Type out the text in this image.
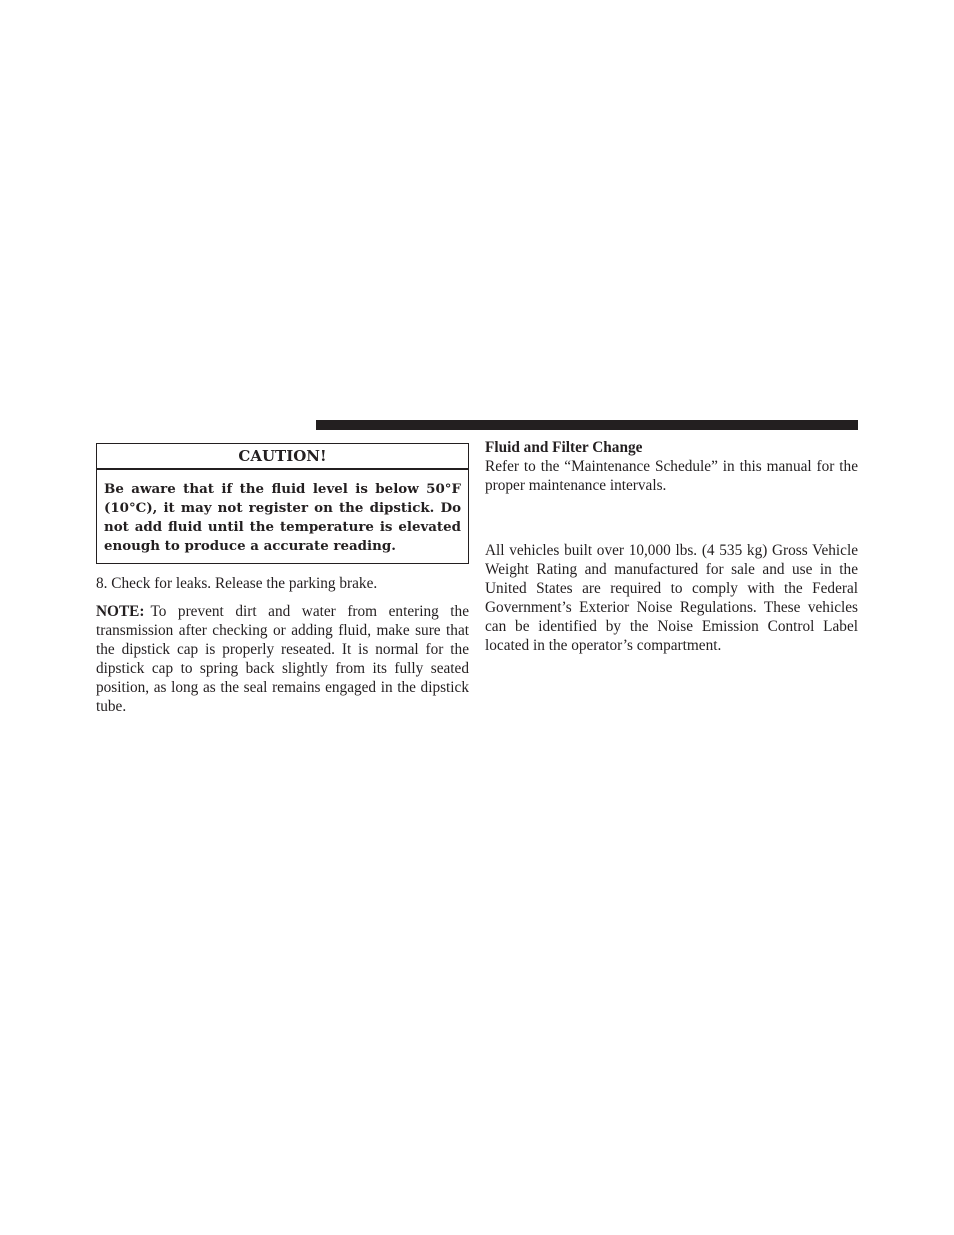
CAUTION!
Be aware that if the fluid level is below 50°F (10°C), it may not register on the dipstick. Do not add fluid until the temperature is elevated enough to produce a accurate reading.

8. Check for leaks. Release the parking brake.

NOTE: To prevent dirt and water from entering the transmission after checking or adding fluid, make sure that the dipstick cap is properly reseated. It is normal for the dipstick cap to spring back slightly from its fully seated position, as long as the seal remains engaged in the dipstick tube.

Fluid and Filter Change

Refer to the “Maintenance Schedule” in this manual for the proper maintenance intervals.

All vehicles built over 10,000 lbs. (4 535 kg) Gross Vehicle Weight Rating and manufactured for sale and use in the United States are required to comply with the Federal Government’s Exterior Noise Regulations. These vehicles can be identified by the Noise Emission Control Label located in the operator’s compartment.
